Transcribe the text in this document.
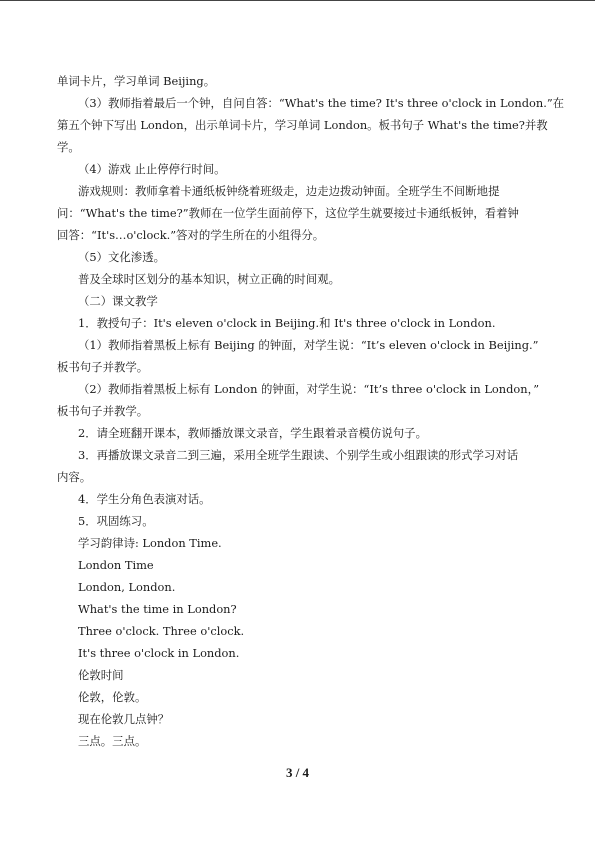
单词卡片，学习单词 Beijing。
（3）教师指着最后一个钟，自问自答：“What's the time? It's three o'clock in London.”在
第五个钟下写出 London，出示单词卡片，学习单词 London。板书句子 What's the time?并教
学。
（4）游戏 止止停停行时间。
游戏规则：教师拿着卡通纸板钟绕着班级走，边走边拨动钟面。全班学生不间断地提
问：“What's the time?”教师在一位学生面前停下，这位学生就要接过卡通纸板钟，看着钟
回答：“It's…o'clock.”答对的学生所在的小组得分。
（5）文化渗透。
普及全球时区划分的基本知识，树立正确的时间观。
（二）课文教学
1．教授句子：It's eleven o'clock in Beijing.和 It's three o'clock in London.
（1）教师指着黑板上标有 Beijing 的钟面，对学生说：“It’s eleven o'clock in Beijing.”
板书句子并教学。
（2）教师指着黑板上标有 London 的钟面，对学生说：“It’s three o'clock in London，”
板书句子并教学。
2．请全班翻开课本，教师播放课文录音，学生跟着录音模仿说句子。
3．再播放课文录音二到三遍，采用全班学生跟读、个别学生或小组跟读的形式学习对话
内容。
4．学生分角色表演对话。
5．巩固练习。
学习韵律诗: London Time.
London Time
London, London.
What's the time in London?
Three o'clock. Three o'clock.
It's three o'clock in London.
伦敦时间
伦敦，伦敦。
现在伦敦几点钟？
三点。三点。
3 / 4
